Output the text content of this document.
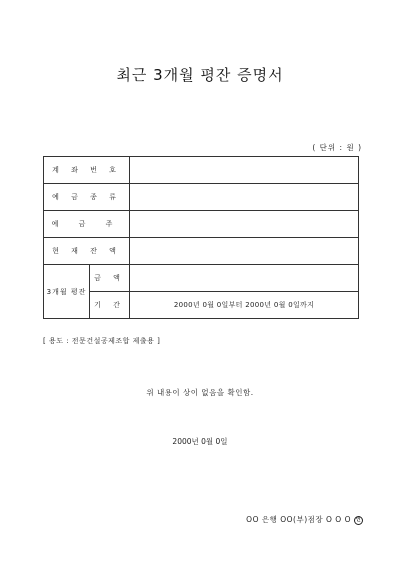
최근 3개월 평잔 증명서
( 단위 : 원 )
계 좌 번 호		
예 금 종 류		
예 금 주		
현 재 잔 액		
3개월 평잔	금 액	
	기 간	2000년 0월 0일부터 2000년 0월 0일까지
[ 용도 : 전문건설공제조합 제출용 ]
위 내용이 상이 없음을 확인함.
2000년 0월 0일
OO 은행 OO(부)점장 O O O 인
